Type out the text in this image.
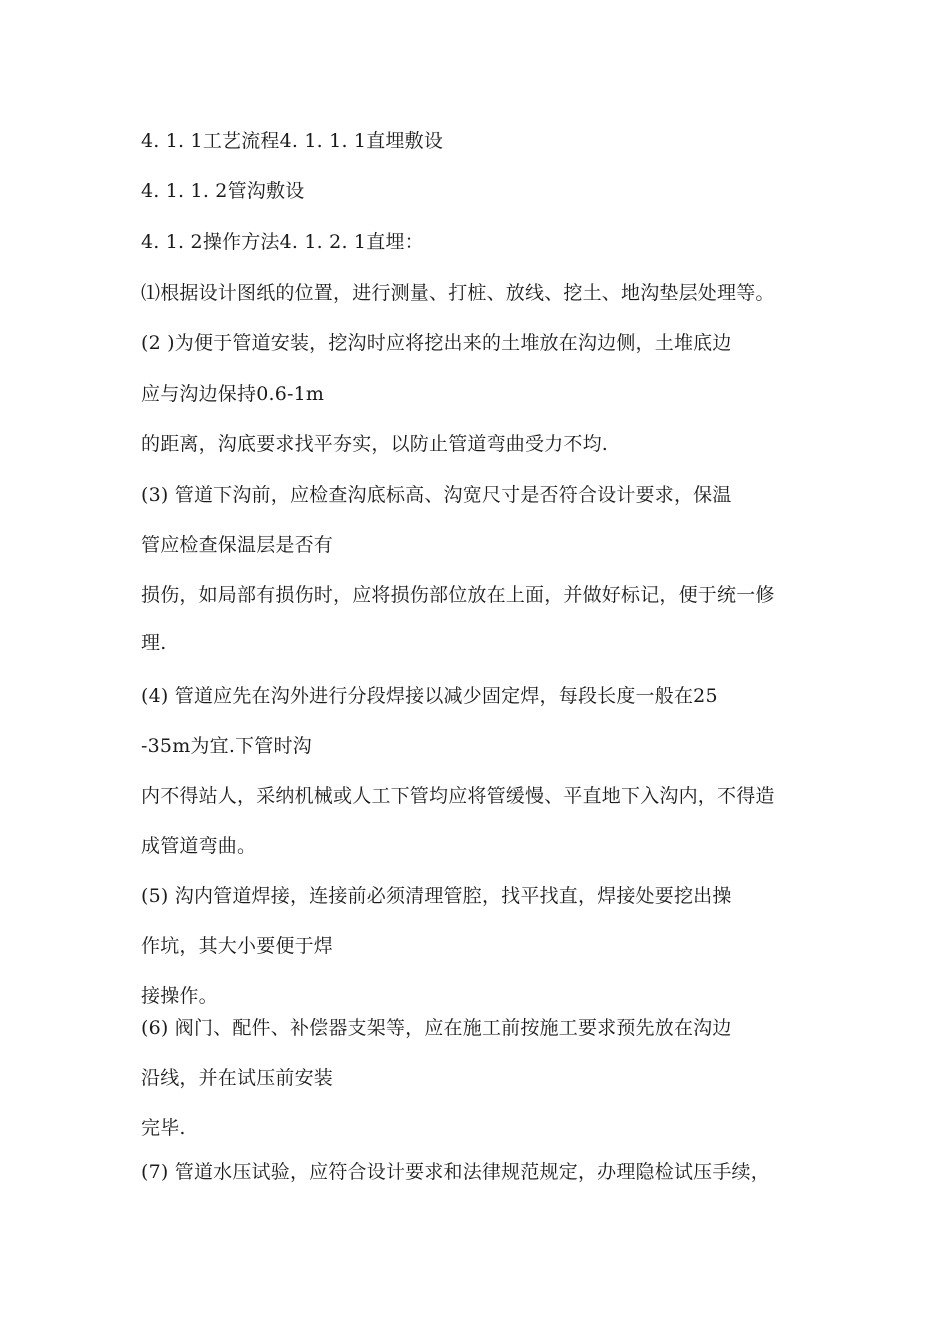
4. 1. 1工艺流程4. 1. 1. 1直埋敷设
4. 1. 1. 2管沟敷设
4. 1. 2操作方法4. 1. 2. 1直埋：
⑴根据设计图纸的位置，进行测量、打桩、放线、挖土、地沟垫层处理等。
(2 )为便于管道安装，挖沟时应将挖出来的土堆放在沟边侧，土堆底边
应与沟边保持0.6-1m
的距离，沟底要求找平夯实，以防止管道弯曲受力不均.
(3) 管道下沟前，应检查沟底标高、沟宽尺寸是否符合设计要求，保温
管应检查保温层是否有
损伤，如局部有损伤时，应将损伤部位放在上面，并做好标记，便于统一修
理.
(4) 管道应先在沟外进行分段焊接以减少固定焊，每段长度一般在25
-35m为宜.下管时沟
内不得站人，采纳机械或人工下管均应将管缓慢、平直地下入沟内，不得造
成管道弯曲。
(5) 沟内管道焊接，连接前必须清理管腔，找平找直，焊接处要挖出操
作坑，其大小要便于焊
接操作。
(6) 阀门、配件、补偿器支架等，应在施工前按施工要求预先放在沟边
沿线，并在试压前安装
完毕.
(7) 管道水压试验，应符合设计要求和法律规范规定，办理隐检试压手续，
